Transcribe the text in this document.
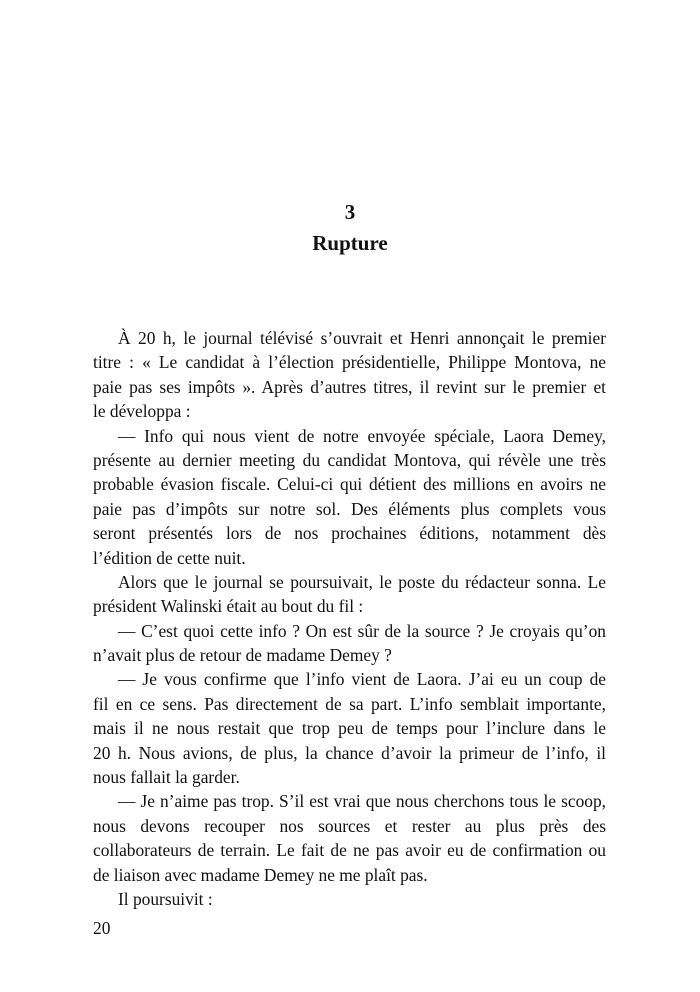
3
Rupture
À 20 h, le journal télévisé s’ouvrait et Henri annonçait le premier
titre : « Le candidat à l’élection présidentielle, Philippe Montova, ne
paie pas ses impôts ». Après d’autres titres, il revint sur le premier et
le développa :
— Info qui nous vient de notre envoyée spéciale, Laora Demey,
présente au dernier meeting du candidat Montova, qui révèle une très
probable évasion fiscale. Celui-ci qui détient des millions en avoirs ne
paie pas d’impôts sur notre sol. Des éléments plus complets vous
seront présentés lors de nos prochaines éditions, notamment dès
l’édition de cette nuit.
Alors que le journal se poursuivait, le poste du rédacteur sonna. Le
président Walinski était au bout du fil :
— C’est quoi cette info ? On est sûr de la source ? Je croyais qu’on
n’avait plus de retour de madame Demey ?
— Je vous confirme que l’info vient de Laora. J’ai eu un coup de
fil en ce sens. Pas directement de sa part. L’info semblait importante,
mais il ne nous restait que trop peu de temps pour l’inclure dans le
20 h. Nous avions, de plus, la chance d’avoir la primeur de l’info, il
nous fallait la garder.
— Je n’aime pas trop. S’il est vrai que nous cherchons tous le scoop,
nous devons recouper nos sources et rester au plus près des
collaborateurs de terrain. Le fait de ne pas avoir eu de confirmation ou
de liaison avec madame Demey ne me plaît pas.
Il poursuivit :
20
